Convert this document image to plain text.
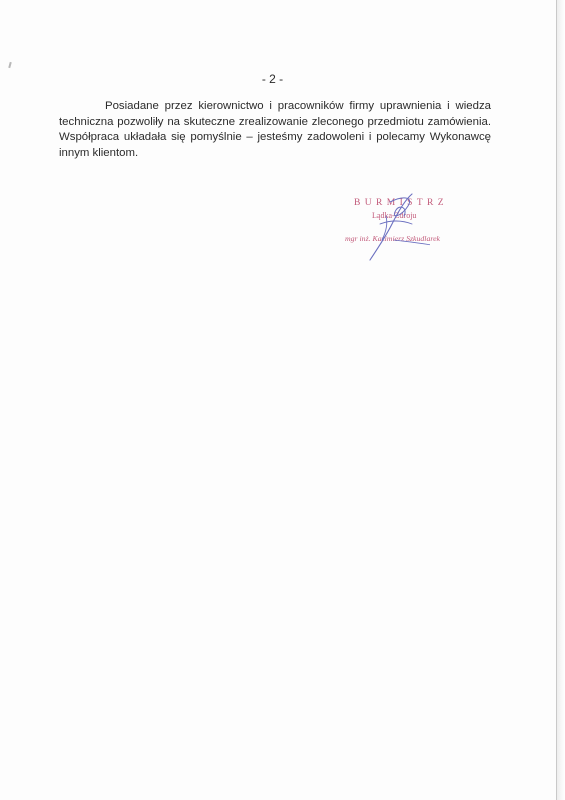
- 2 -
Posiadane przez kierownictwo i pracowników firmy uprawnienia i wiedza
techniczna pozwoliły na skuteczne zrealizowanie zleconego przedmiotu zamówienia.
Współpraca układała się pomyślnie – jesteśmy zadowoleni i polecamy Wykonawcę
innym klientom.
BURMISTRZ
Lądka-Zdroju
mgr inż. Kazimierz Szkudlarek
